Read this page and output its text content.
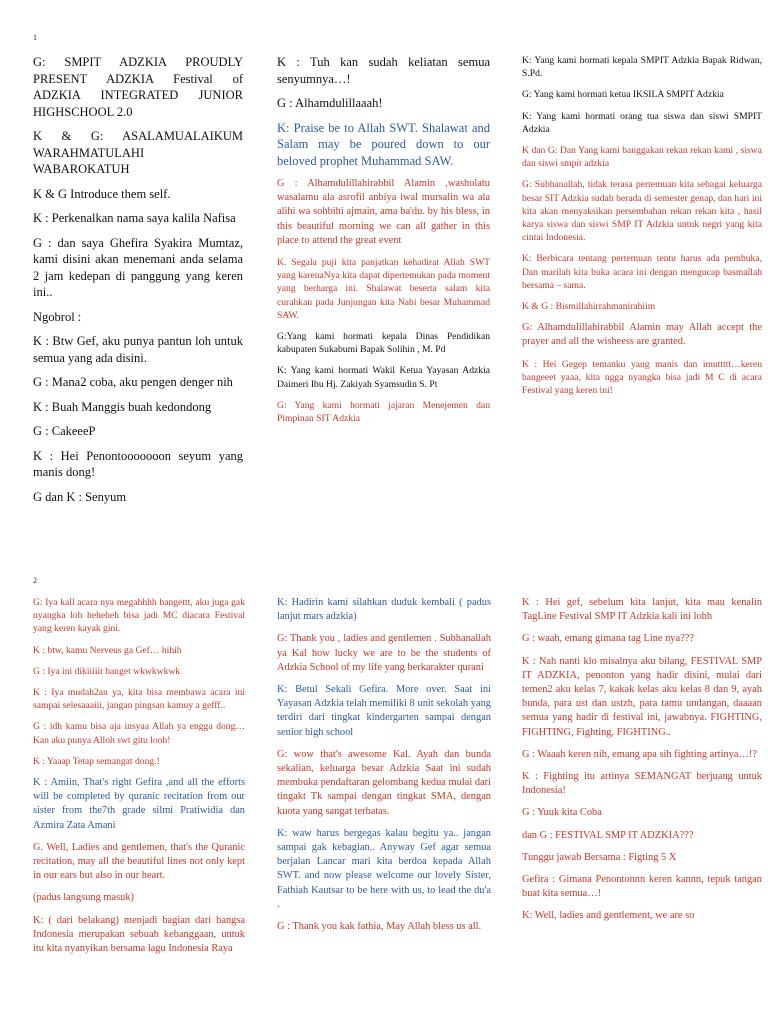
1

G: SMPIT ADZKIA PROUDLY PRESENT ADZKIA Festival of ADZKIA INTEGRATED JUNIOR HIGHSCHOOL 2.0

K & G: ASALAMUALAIKUM WARAHMATULAHI WABAROKATUH

K & G Introduce them self.

K : Perkenalkan nama saya kalila Nafisa

G : dan saya Ghefira Syakira Mumtaz, kami disini akan menemani anda selama 2 jam kedepan di panggung yang keren ini..

Ngobrol :

K : Btw Gef, aku punya pantun loh untuk semua yang ada disini.

G : Mana2 coba, aku pengen denger nih

K : Buah Manggis buah kedondong

G : CakeeeP

K : Hei Penontooooooon seyum yang manis dong!

G dan K : Senyum

K : Tuh kan sudah keliatan semua senyumnya…!

G : Alhamdulillaaah!

K: Praise be to Allah SWT. Shalawat and Salam may be poured down to our beloved prophet Muhammad SAW.

G : Alhamdulillahirabbil Alamin ,washolatu wasalamu ala asrofil anbiya iwal mursalin wa ala alihi wa sohbihi ajmain, ama ba'du. by his bless, in this beautiful morning we can all gather in this place to attend the great event

K. Segala puji kita panjatkan kehadirat Allah SWT yang karenaNya kita dapat dipertemukan pada moment yang berharga ini. Shalawat beserta salam kita curahkan pada Junjungan kita Nabi besar Muhammad SAW.

G:Yang kami hormati kepala Dinas Pendidikan kabupaten Sukabumi Bapak Solihin , M. Pd

K: Yang kami hormati Wakil Ketua Yayasan Adzkia Daimeri Ibu Hj. Zakiyah Syamsudin S. Pt

G: Yang kami hormati jajaran Menejemen dan Pimpinan SIT Adzkia

K: Yang kami hormati kepala SMPIT Adzkia Bapak Ridwan, S.Pd.

G: Yang kami hormati ketua IKSILA SMPIT Adzkia

K: Yang kami hormati orang tua siswa dan siswi SMPIT Adzkia

K dan G: Dan Yang kami banggakan rekan rekan kami , siswa dan siswi smpit adzkia

G: Subhanallah, tidak terasa pertemuan kita sebagai keluarga besar SIT Adzkia sudah berada di semester genap, dan hari ini kita akan menyaksikan persembahan rekan rekan kita , hasil karya siswa dan siswi SMP IT Adzkia untuk negri yang kita cintai Indonesia.

K: Berbicara tentang pertemuan tentu harus ada pembuka, Dan marilah kita buka acara ini dengan mengucap basmallah bersama – sama.

K & G : Bismillahirrahmanirahiim

G: Alhamdulillahirabbil Alamin may Allah accept the prayer and all the wisheess are granted.

K : Hei Gegep temanku yang manis dan imuttttt…keren bangeeet yaaa, kita ngga nyangka bisa jadi M C di acara Festival yang keren ini!

2

G: Iya kall acara nya megahhhh bangettt, aku juga gak nyangka loh heheheh bisa jadi MC diacara Festival yang keren kayak gini.

K : btw, kamu Nerveus ga Gef… hihih

G : Iya ini dikiiiiit banget wkwkwkwk

K : Iya mudah2an ya, kita bisa membawa acara ini sampai selesaaaiii, jangan pingsan kamuy a gefff..

G : idh kamu bisa aja insyaa Allah ya engga dong… Kan aku punya Alloh swt gitu looh!

K : Yaaap Tetap semangat dong.!

K : Amiin, That's right Gefira ,and all the efforts will be completed by quranic recitation from our sister from the7th grade silmi Pratiwidia dan Azmira Zata Amani

G. Well, Ladies and gentlemen, that's the Quranic recitation, may all the beautiful lines not only kept in our ears but also in our heart.

(padus langsung masuk)

K: ( dari belakang) menjadi bagian dari bangsa Indonesia merupakan sebuah kebanggaan, untuk itu kita nyanyikan bersama lagu Indonesia Raya

K: Hadirin kami silahkan duduk kembali ( padus lanjut mars adzkia)

G: Thank you , ladies and gentlemen . Subhanallah ya Kal how lucky we are to be the students of Adzkia School of my life yang berkarakter qurani

K: Betul Sekali Gefira. More over. Saat ini Yayasan Adzkia telah memiliki 8 unit sekolah yang terdiri dari tingkat kindergarten sampai dengan senior high school

G: wow that's awesome Kal. Ayah dan bunda sekalian, keluarga besar Adzkia Saat ini sudah membuka pendaftaran gelombang kedua mulai dari tingakt Tk sampai dengan tingkat SMA, dengan kuota yang sangat terbatas.

K: waw harus bergegas kalau begitu ya.. jangan sampai gak kebagian.. Anyway Gef agar semua berjalan Lancar mari kita berdoa kepada Allah SWT. and now please welcome our lovely Sister, Fathiah Kautsar to be here with us, to lead the du'a .

G : Thank you kak fathia, May Allah bless us all.

K : Hei gef, sebelum kita lanjut, kita mau kenalin TagLine Festival SMP IT Adzkia kali ini lohh

G : waah, emang gimana tag Line nya???

K : Nah nanti klo misalnya aku bilang, FESTIVAL SMP IT ADZKIA, penonton yang hadir disini, mulai dari temen2 aku kelas 7, kakak kelas aku kelas 8 dan 9, ayah bunda, para ust dan ustzh, para tamu undangan, daaaan semua yang hadir di festival ini, jawabnya. FIGHTING, FIGHTING, Fighting, FIGHTING..

G : Waaah keren nih, emang apa sih fighting artinya…!?

K : Fighting itu artinya SEMANGAT berjuang untuk Indonesia!

G : Yuuk kita Coba

dan G : FESTIVAL SMP IT ADZKIA???

Tunggu jawab Bersama : Figting 5 X

Gefira : Gimana Penontonnn keren kannn, tepuk tangan buat kita semua…!

K: Well, ladies and gentlement, we are so
